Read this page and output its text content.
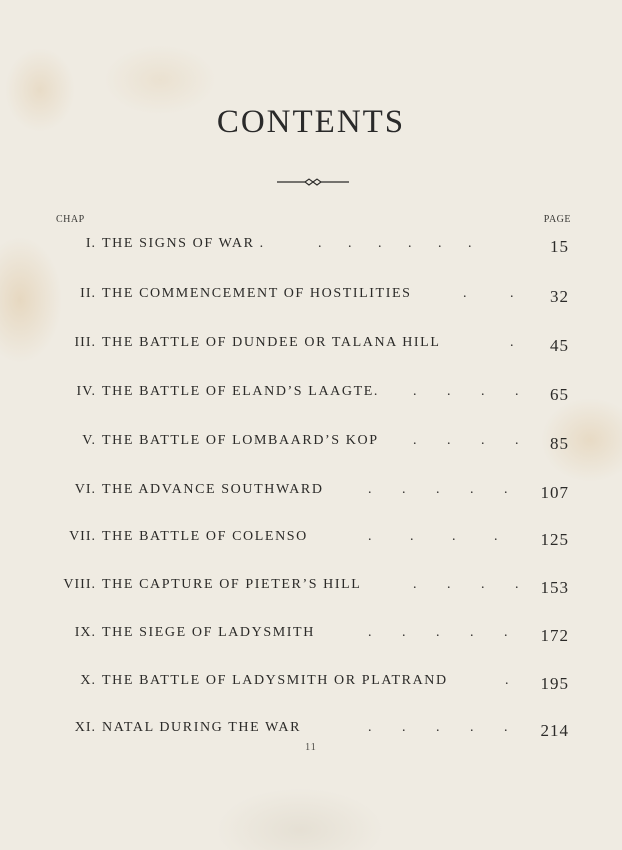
CONTENTS
CHAP	PAGE
I. THE SIGNS OF WAR .	. . . . . .	15
II. THE COMMENCEMENT OF HOSTILITIES	. . 32
III. THE BATTLE OF DUNDEE OR TALANA HILL	. 45
IV. THE BATTLE OF ELAND’S LAAGTE. . . . . 65
V. THE BATTLE OF LOMBAARD’S KOP . . . . 85
VI. THE ADVANCE SOUTHWARD	. . . . . 107
VII. THE BATTLE OF COLENSO	. . . .	125
VIII. THE CAPTURE OF PIETER’S HILL	. . . . 153
IX. THE SIEGE OF LADYSMITH	. . . . . 172
X. THE BATTLE OF LADYSMITH OR PLATRAND	. 195
XI. NATAL DURING THE WAR	. . . . . 214
11
